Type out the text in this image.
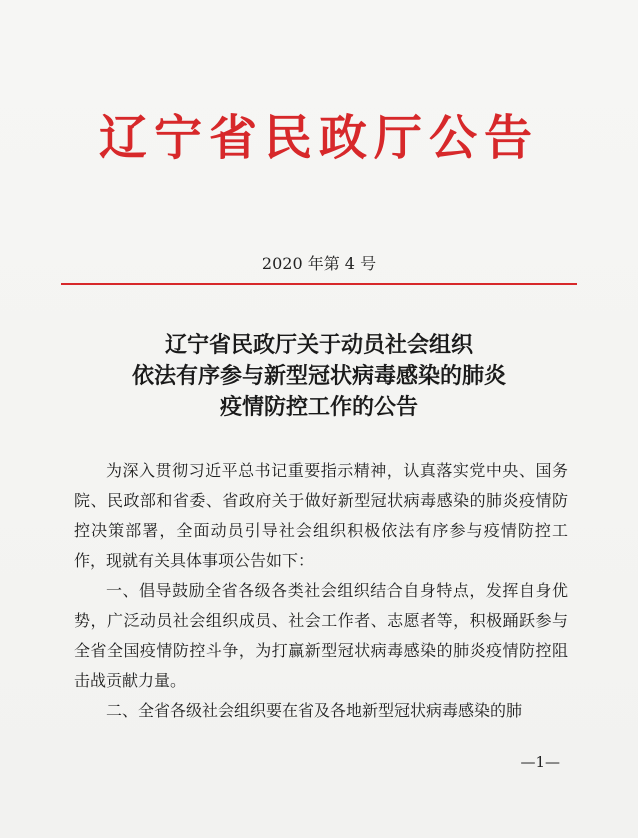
辽宁省民政厅公告
2020 年第 4 号
辽宁省民政厅关于动员社会组织
依法有序参与新型冠状病毒感染的肺炎
疫情防控工作的公告

为深入贯彻习近平总书记重要指示精神，认真落实党中央、国务院、民政部和省委、省政府关于做好新型冠状病毒感染的肺炎疫情防控决策部署，全面动员引导社会组织积极依法有序参与疫情防控工作，现就有关具体事项公告如下：

一、倡导鼓励全省各级各类社会组织结合自身特点，发挥自身优势，广泛动员社会组织成员、社会工作者、志愿者等，积极踊跃参与全省全国疫情防控斗争，为打赢新型冠状病毒感染的肺炎疫情防控阻击战贡献力量。

二、全省各级社会组织要在省及各地新型冠状病毒感染的肺

—1—
